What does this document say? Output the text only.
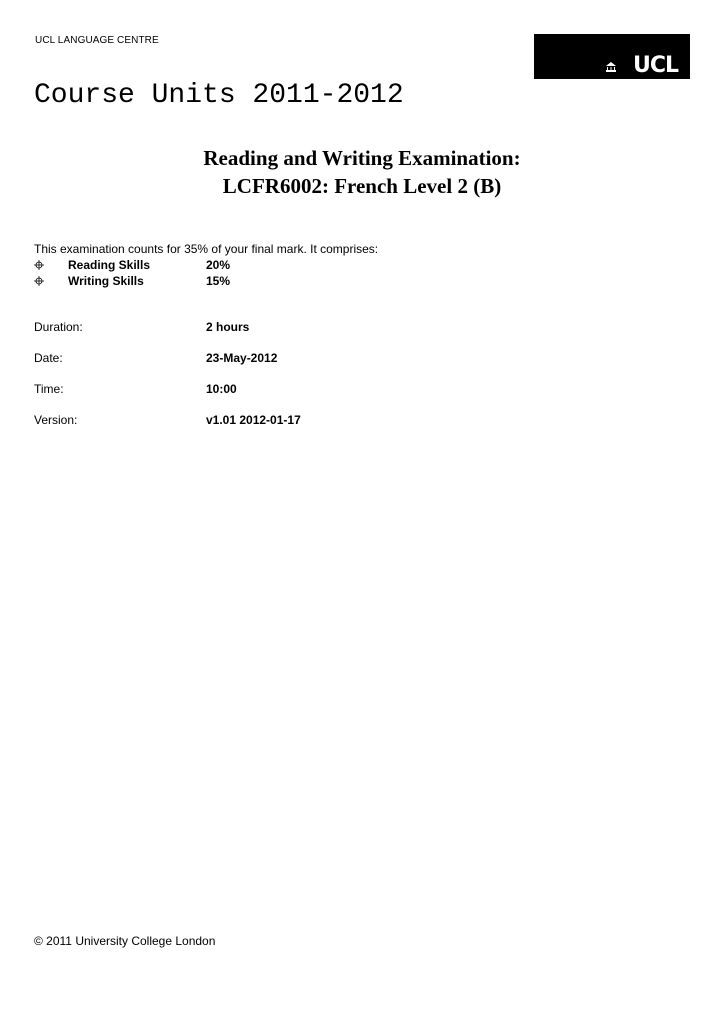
UCL LANGUAGE CENTRE
UCL
Course Units 2011-2012
Reading and Writing Examination:
LCFR6002: French Level 2 (B)
This examination counts for 35% of your final mark. It comprises:
Reading Skills	20%
Writing Skills	15%
Duration:	2 hours
Date:	23-May-2012
Time:	10:00
Version:	v1.01 2012-01-17
© 2011 University College London
